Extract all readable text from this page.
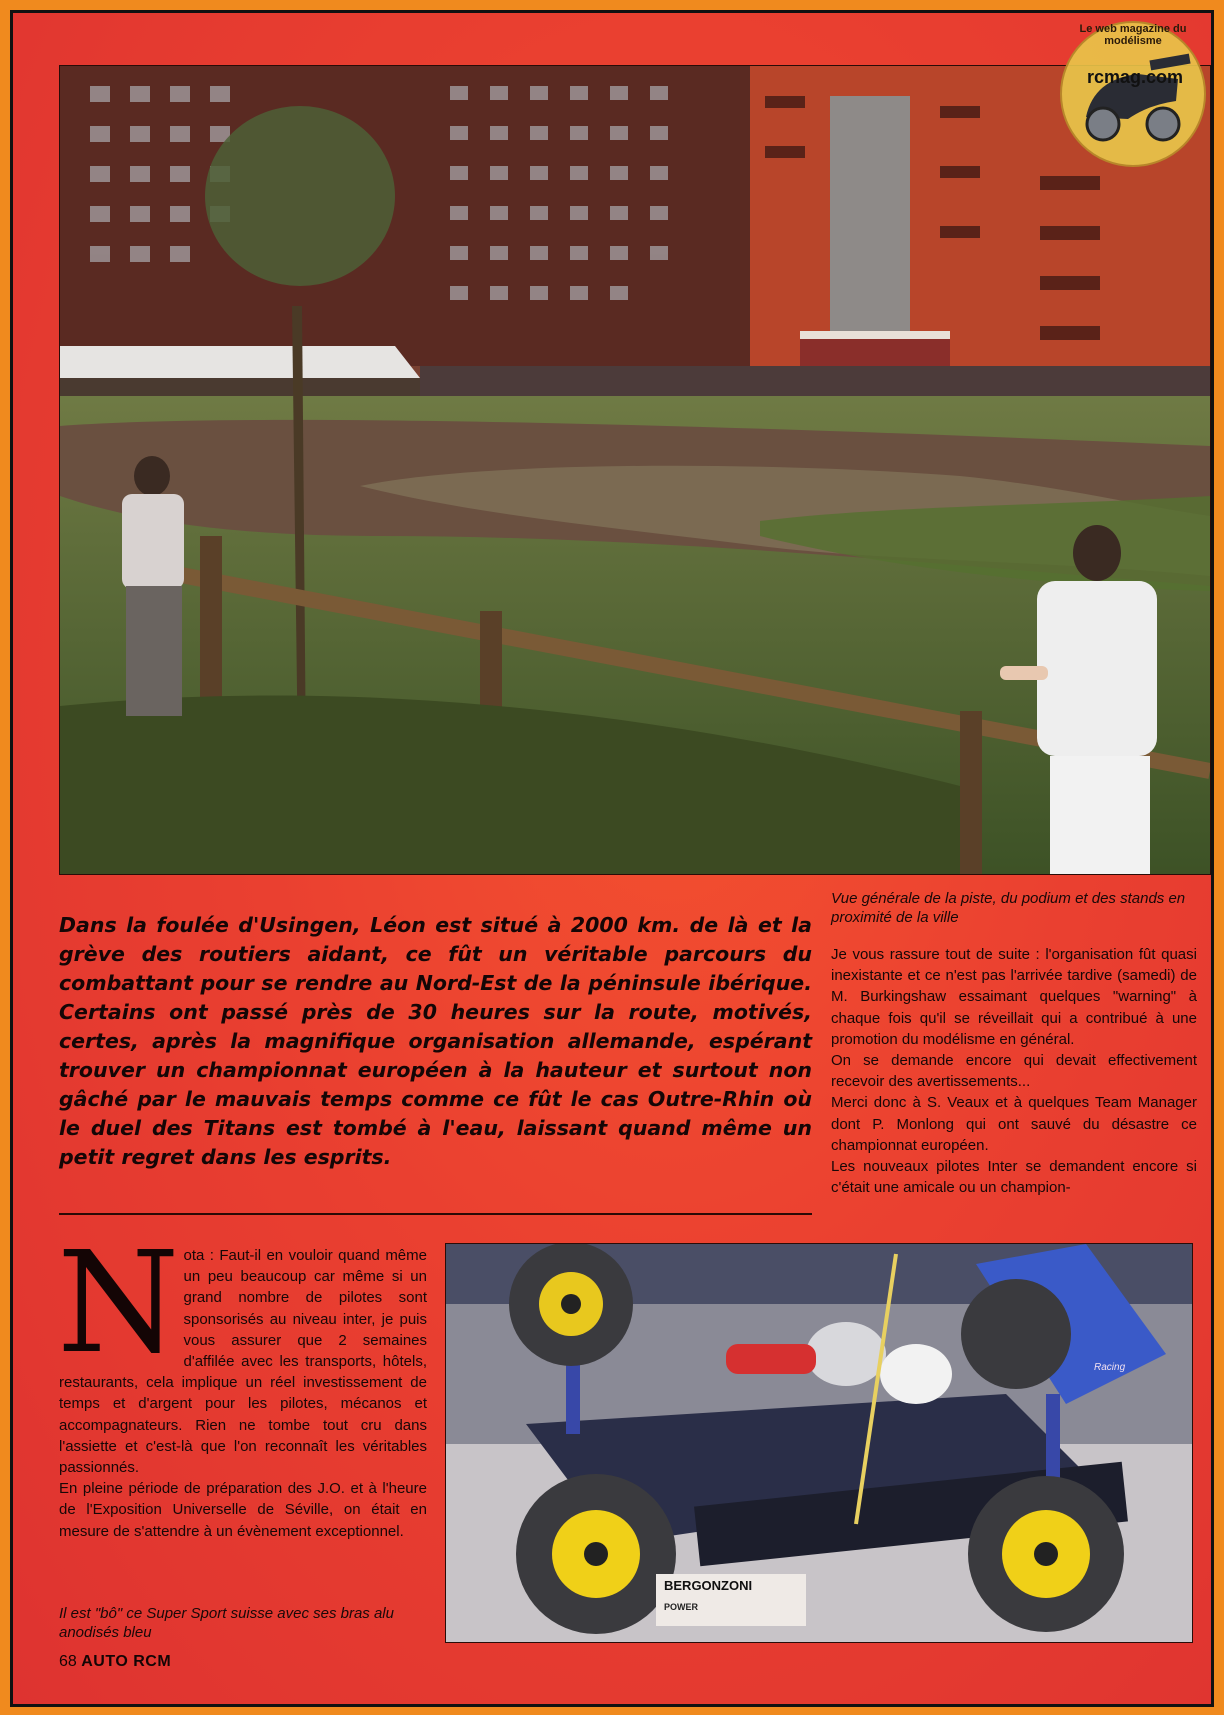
Le web magazine du modélisme
rcmag.com
Vue générale de la piste, du podium et des stands en proximité de la ville

Dans la foulée d'Usingen, Léon est situé à 2000 km. de là et la grève des routiers aidant, ce fût un véritable parcours du combattant pour se rendre au Nord-Est de la péninsule ibérique. Certains ont passé près de 30 heures sur la route, motivés, certes, après la magnifique organisation allemande, espérant trouver un championnat européen à la hauteur et surtout non gâché par le mauvais temps comme ce fût le cas Outre-Rhin où le duel des Titans est tombé à l'eau, laissant quand même un petit regret dans les esprits.

Je vous rassure tout de suite : l'organisation fût quasi inexistante et ce n'est pas l'arrivée tardive (samedi) de M. Burkingshaw essaimant quelques "warning" à chaque fois qu'il se réveillait qui a contribué à une promotion du modélisme en général.

On se demande encore qui devait effectivement recevoir des avertissements...

Merci donc à S. Veaux et à quelques Team Manager dont P. Monlong qui ont sauvé du désastre ce championnat européen.

Les nouveaux pilotes Inter se demandent encore si c'était une amicale ou un champion-

N ota : Faut-il en vouloir quand même un peu beaucoup car même si un grand nombre de pilotes sont sponsorisés au niveau inter, je puis vous assurer que 2 semaines d'affilée avec les transports, hôtels, restaurants, cela implique un réel investissement de temps et d'argent pour les pilotes, mécanos et accompagnateurs. Rien ne tombe tout cru dans l'assiette et c'est-là que l'on reconnaît les véritables passionnés.

En pleine période de préparation des J.O. et à l'heure de l'Exposition Universelle de Séville, on était en mesure de s'attendre à un évènement exceptionnel.

BERGONZONI
POWER
Racing
Il est "bô" ce Super Sport suisse avec ses bras alu anodisés bleu
68 AUTO RCM
